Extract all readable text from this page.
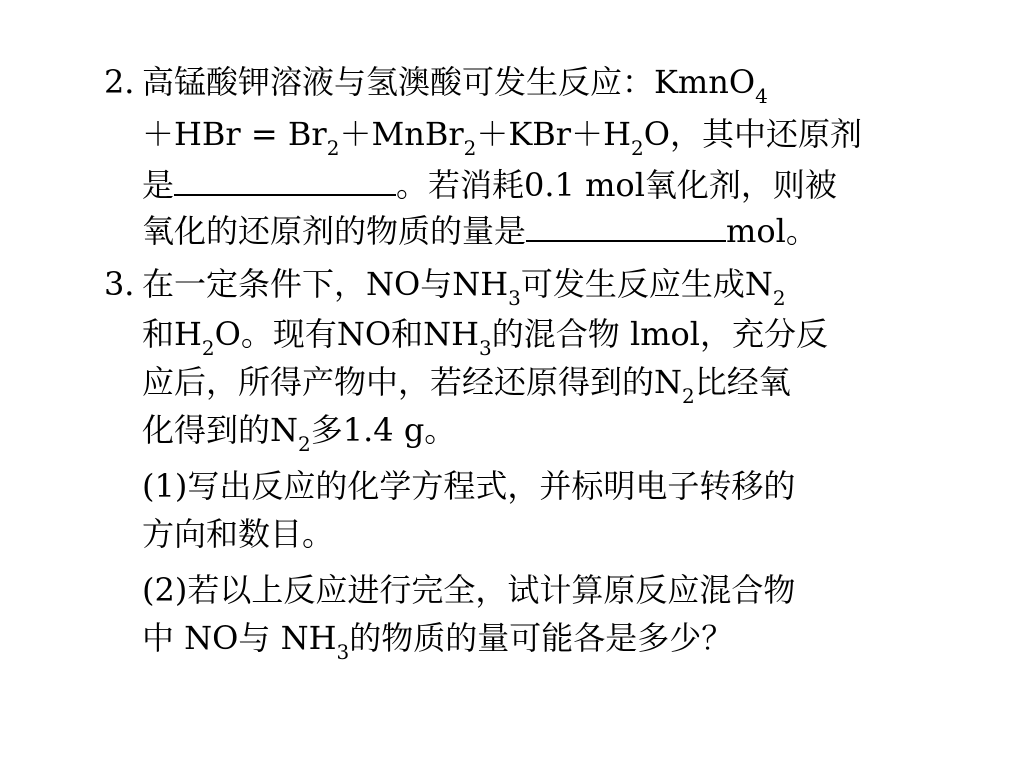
2．高锰酸钾溶液与氢澳酸可发生反应：KmnO$_4$
$+HBr = Br_2+MnBr_2+KBr+H_2O$，其中还原剂
是	。若消耗0.1 mol氧化剂，则被
氧化的还原剂的物质的量是	mol。
3．在一定条件下，NO与$NH_3$可发生反应生成$N_2$
和$H_2O$。现有NO和$NH_3$的混合物 lmol，充分反
应后，所得产物中，若经还原得到的$N_2$比经氧
化得到的$N_2$多1.4 g。
(1)写出反应的化学方程式，并标明电子转移的
方向和数目。
(2)若以上反应进行完全，试计算原反应混合物
中 NO与 $NH_3$的物质的量可能各是多少？
